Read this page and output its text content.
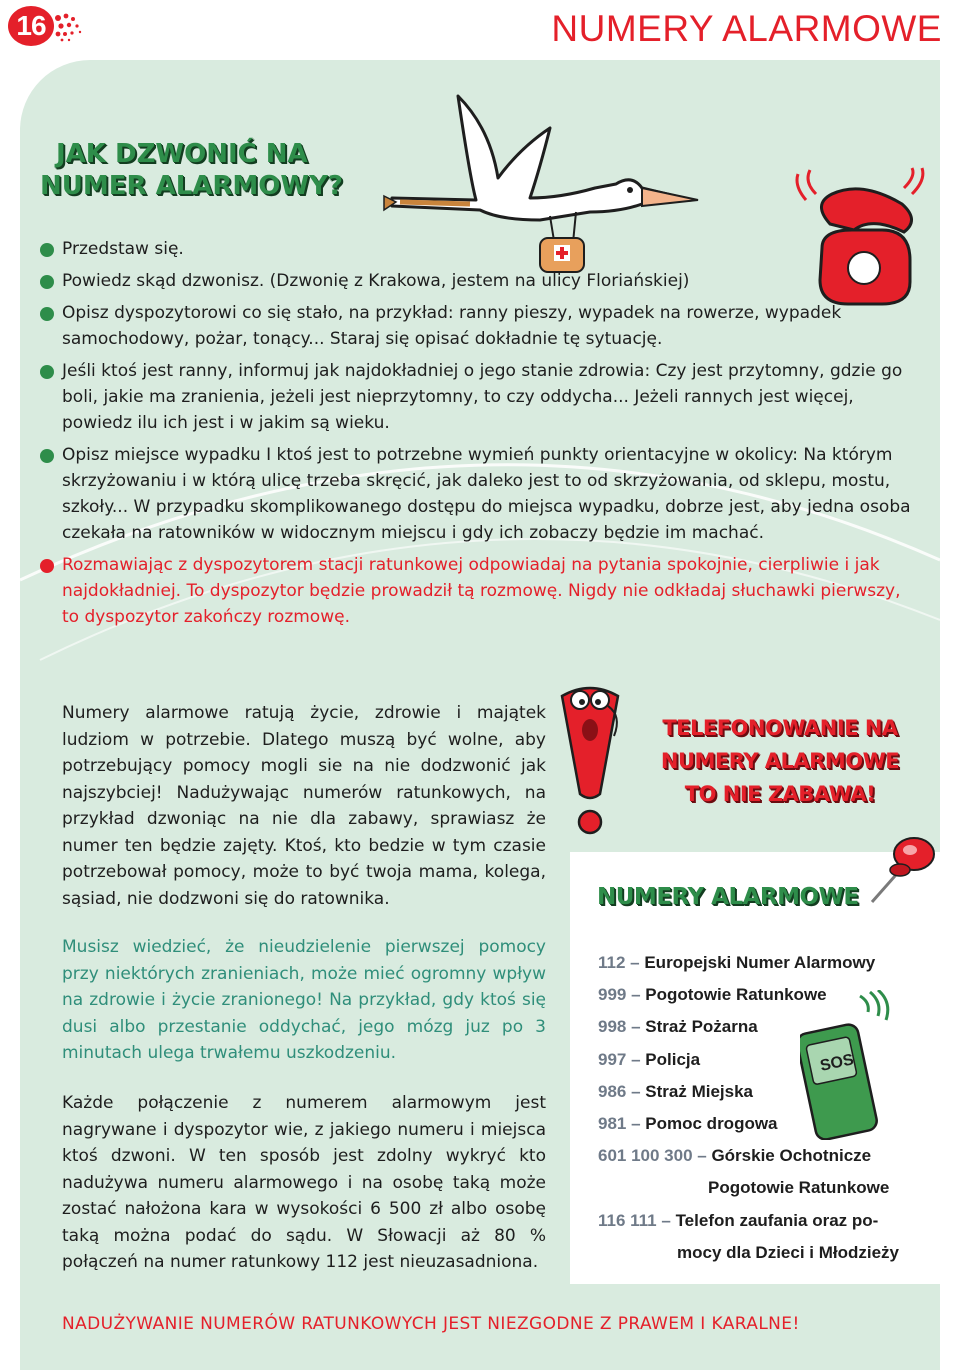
16	NUMERY ALARMOWE
JAK DZWONIĆ NA
NUMER ALARMOWY?

Przedstaw się.

Powiedz skąd dzwonisz. (Dzwonię z Krakowa, jestem na ulicy Floriańskiej)

Opisz dyspozytorowi co się stało, na przykład: ranny pieszy, wypadek na rowerze, wypadek samochodowy, pożar, tonący... Staraj się opisać dokładnie tę sytuację.

Jeśli ktoś jest ranny, informuj jak najdokładniej o jego stanie zdrowia: Czy jest przytomny, gdzie go boli, jakie ma zranienia, jeżeli jest nieprzytomny, to czy oddycha... Jeżeli rannych jest więcej, powiedz ilu ich jest i w jakim są wieku.

Opisz miejsce wypadku I ktoś jest to potrzebne wymień punkty orientacyjne w okolicy: Na którym skrzyżowaniu i w którą ulicę trzeba skręcić, jak daleko jest to od skrzyżowania, od sklepu, mostu, szkoły... W przypadku skomplikowanego dostępu do miejsca wypadku, dobrze jest, aby jedna osoba czekała na ratowników w widocznym miejscu i gdy ich zobaczy będzie im machać.

Rozmawiając z dyspozytorem stacji ratunkowej odpowiadaj na pytania spokojnie, cierpliwie i jak najdokładniej. To dyspozytor będzie prowadził tą rozmowę. Nigdy nie odkładaj słuchawki pierwszy, to dyspozytor zakończy rozmowę.

Numery alarmowe ratują życie, zdrowie i majątek ludziom w potrzebie. Dlatego muszą być wolne, aby potrzebujący pomocy mogli sie na nie dodzwonić jak najszybciej! Nadużywając numerów ratunkowych, na przykład dzwoniąc na nie dla zabawy, sprawiasz że numer ten będzie zajęty. Ktoś, kto bedzie w tym czasie potrzebował pomocy, może to być twoja mama, kolega, sąsiad, nie dodzwoni się do ratownika.

Musisz wiedzieć, że nieudzielenie pierwszej pomocy przy niektórych zranieniach, może mieć ogromny wpływ na zdrowie i życie zranionego! Na przykład, gdy ktoś się dusi albo przestanie oddychać, jego mózg juz po 3 minutach ulega trwałemu uszkodzeniu.

Każde połączenie z numerem alarmowym jest nagrywane i dyspozytor wie, z jakiego numeru i miejsca ktoś dzwoni. W ten sposób jest zdolny wykryć kto nadużywa numeru alarmowego i na osobę taką może zostać nałożona kara w wysokości 6 500 zł albo osobę taką można podać do sądu. W Słowacji aż 80 % połączeń na numer ratunkowy 112 jest nieuzasadniona.

TELEFONOWANIE NA
NUMERY ALARMOWE
TO NIE ZABAWA!
NUMERY ALARMOWE
112 – Europejski Numer Alarmowy
999 – Pogotowie Ratunkowe
998 – Straż Pożarna
997 – Policja
986 – Straż Miejska
981 – Pomoc drogowa
601 100 300 – Górskie Ochotnicze
Pogotowie Ratunkowe
116 111 – Telefon zaufania oraz po-
mocy dla Dzieci i Młodzieży
SOS
NADUŻYWANIE NUMERÓW RATUNKOWYCH JEST NIEZGODNE Z PRAWEM I KARALNE!
